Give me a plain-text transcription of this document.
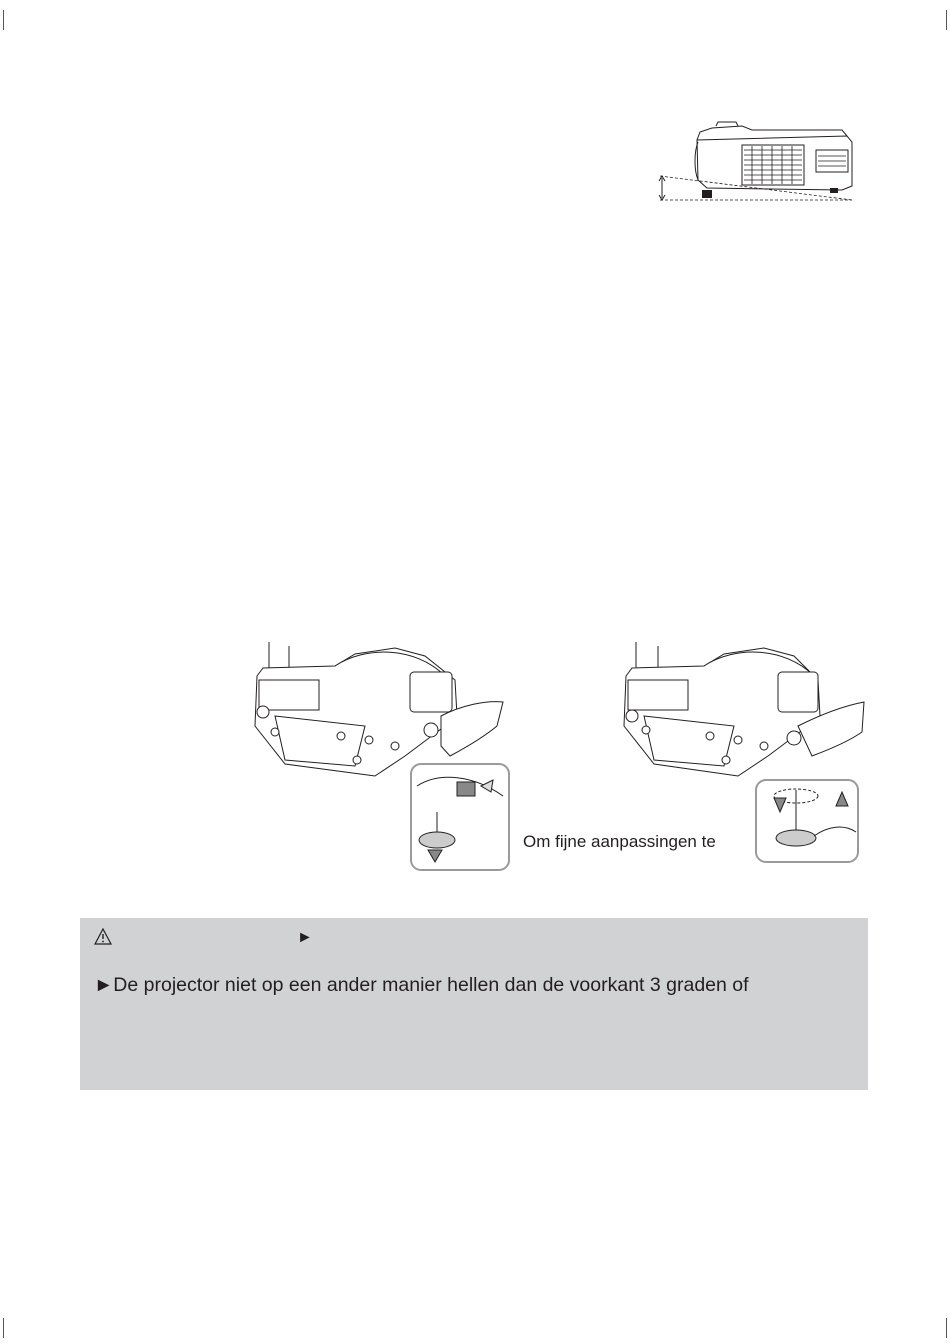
Om fijne aanpassingen te
►
►De projector niet op een ander manier hellen dan de voorkant 3 graden of
